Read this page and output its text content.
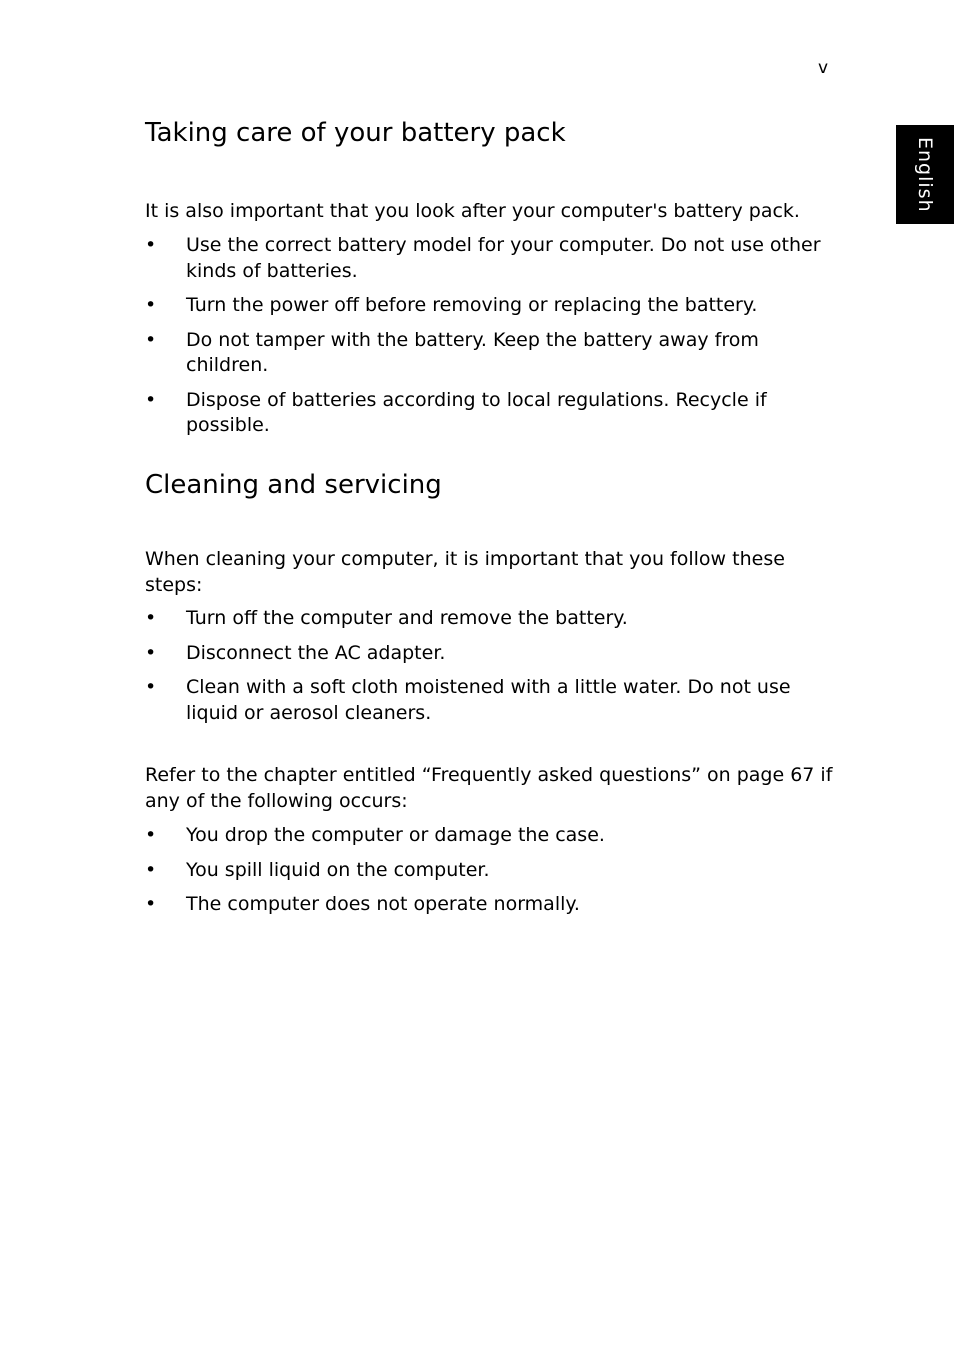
v
English
Taking care of your battery pack

It is also important that you look after your computer's battery pack.

• Use the correct battery model for your computer. Do not use other kinds of batteries.
• Turn the power off before removing or replacing the battery.
• Do not tamper with the battery. Keep the battery away from children.
• Dispose of batteries according to local regulations. Recycle if possible.
Cleaning and servicing

When cleaning your computer, it is important that you follow these steps:

• Turn off the computer and remove the battery.
• Disconnect the AC adapter.
• Clean with a soft cloth moistened with a little water. Do not use liquid or aerosol cleaners.

Refer to the chapter entitled “Frequently asked questions” on page 67 if any of the following occurs:

• You drop the computer or damage the case.
• You spill liquid on the computer.
• The computer does not operate normally.
